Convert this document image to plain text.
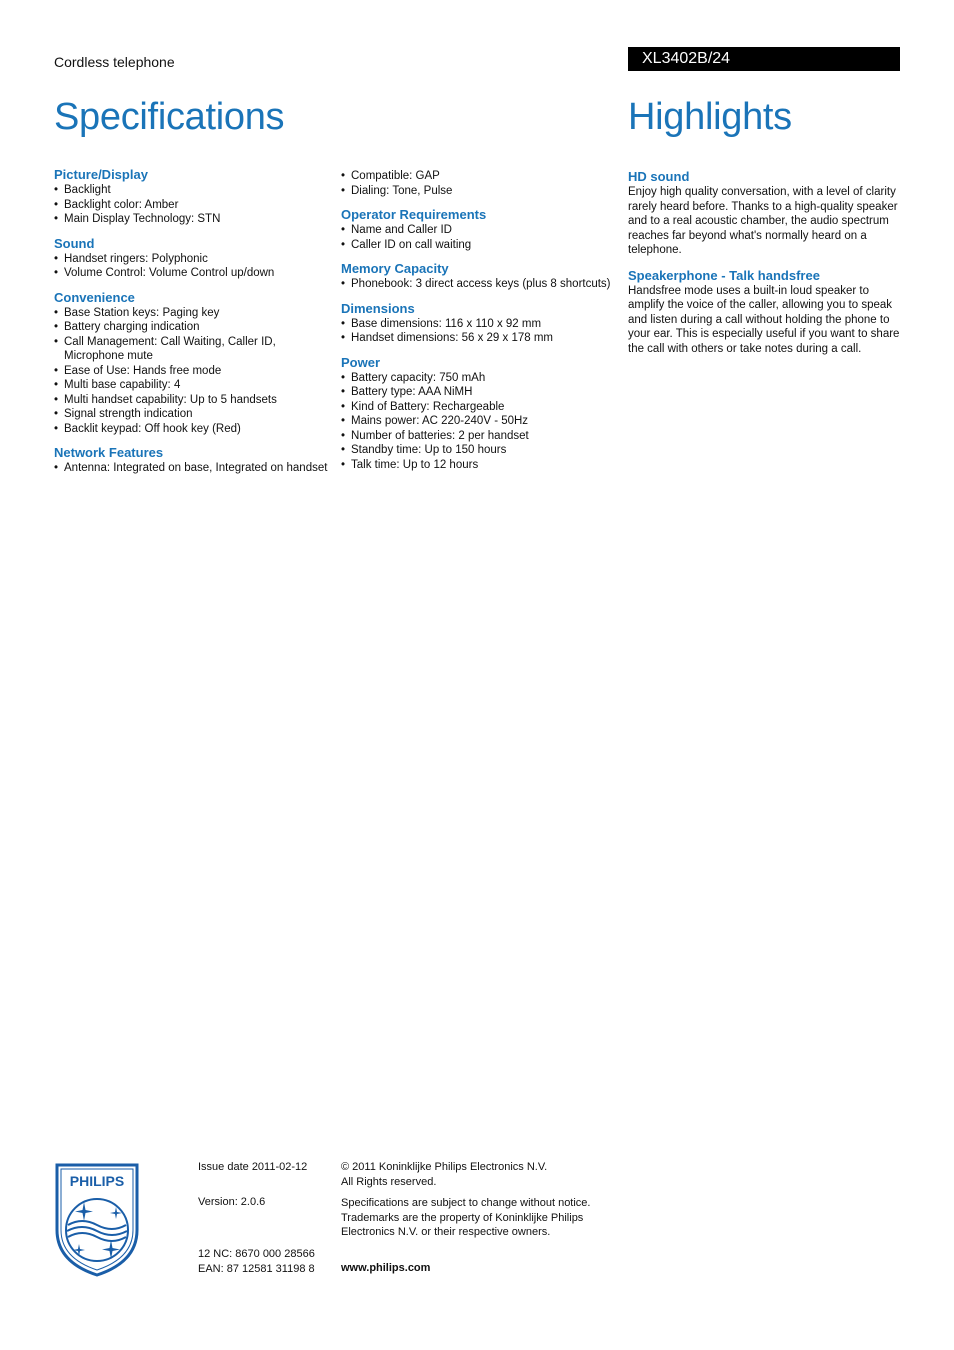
Cordless telephone	XL3402B/24
Specifications	Highlights
Picture/Display
• Backlight
• Backlight color: Amber
• Main Display Technology: STN
Sound
• Handset ringers: Polyphonic
• Volume Control: Volume Control up/down
Convenience
• Base Station keys: Paging key
• Battery charging indication
• Call Management: Call Waiting, Caller ID, Microphone mute
• Ease of Use: Hands free mode
• Multi base capability: 4
• Multi handset capability: Up to 5 handsets
• Signal strength indication
• Backlit keypad: Off hook key (Red)
Network Features
• Antenna: Integrated on base, Integrated on handset
• Compatible: GAP
• Dialing: Tone, Pulse
Operator Requirements
• Name and Caller ID
• Caller ID on call waiting
Memory Capacity
• Phonebook: 3 direct access keys (plus 8 shortcuts)
Dimensions
• Base dimensions: 116 x 110 x 92 mm
• Handset dimensions: 56 x 29 x 178 mm
Power
• Battery capacity: 750 mAh
• Battery type: AAA NiMH
• Kind of Battery: Rechargeable
• Mains power: AC 220-240V - 50Hz
• Number of batteries: 2 per handset
• Standby time: Up to 150 hours
• Talk time: Up to 12 hours
HD sound

Enjoy high quality conversation, with a level of clarity rarely heard before. Thanks to a high-quality speaker and to a real acoustic chamber, the audio spectrum reaches far beyond what's normally heard on a telephone.

Speakerphone - Talk handsfree

Handsfree mode uses a built-in loud speaker to amplify the voice of the caller, allowing you to speak and listen during a call without holding the phone to your ear. This is especially useful if you want to share the call with others or take notes during a call.

PHILIPS
Issue date 2011-02-12
Version: 2.0.6
12 NC: 8670 000 28566
EAN: 87 12581 31198 8
© 2011 Koninklijke Philips Electronics N.V.
All Rights reserved.
Specifications are subject to change without notice.
Trademarks are the property of Koninklijke Philips
Electronics N.V. or their respective owners.
www.philips.com
